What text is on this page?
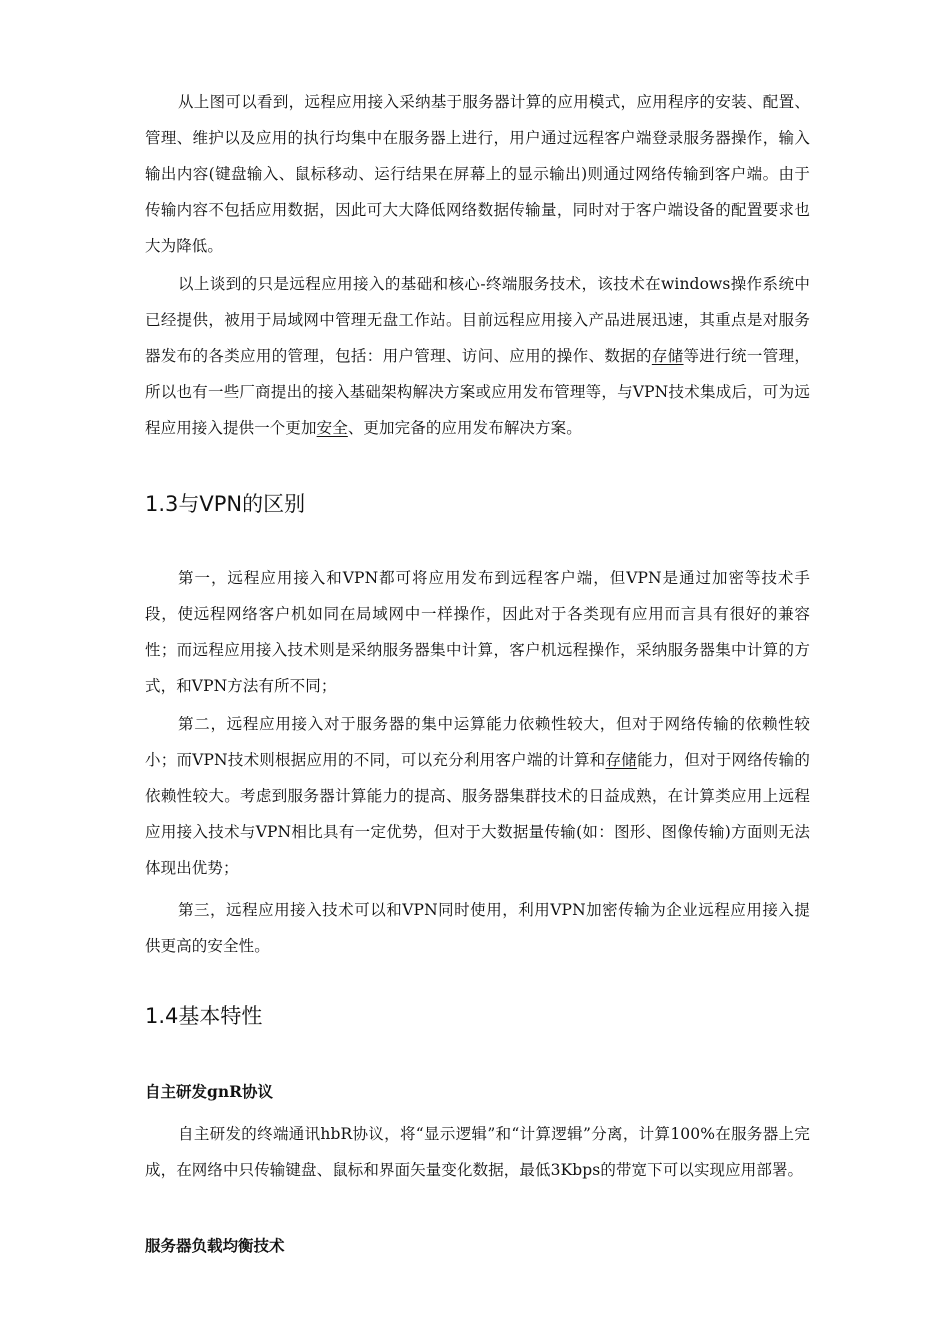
从上图可以看到，远程应用接入采纳基于服务器计算的应用模式，应用程序的安装、配置、管理、维护以及应用的执行均集中在服务器上进行，用户通过远程客户端登录服务器操作，输入输出内容(键盘输入、鼠标移动、运行结果在屏幕上的显示输出)则通过网络传输到客户端。由于传输内容不包括应用数据，因此可大大降低网络数据传输量，同时对于客户端设备的配置要求也大为降低。

以上谈到的只是远程应用接入的基础和核心-终端服务技术，该技术在windows操作系统中已经提供，被用于局域网中管理无盘工作站。目前远程应用接入产品进展迅速，其重点是对服务器发布的各类应用的管理，包括：用户管理、访问、应用的操作、数据的存储等进行统一管理，所以也有一些厂商提出的接入基础架构解决方案或应用发布管理等，与VPN技术集成后，可为远程应用接入提供一个更加安全、更加完备的应用发布解决方案。

1.3与VPN的区别

第一，远程应用接入和VPN都可将应用发布到远程客户端，但VPN是通过加密等技术手段，使远程网络客户机如同在局域网中一样操作，因此对于各类现有应用而言具有很好的兼容性；而远程应用接入技术则是采纳服务器集中计算，客户机远程操作，采纳服务器集中计算的方式，和VPN方法有所不同；

第二，远程应用接入对于服务器的集中运算能力依赖性较大，但对于网络传输的依赖性较小；而VPN技术则根据应用的不同，可以充分利用客户端的计算和存储能力，但对于网络传输的依赖性较大。考虑到服务器计算能力的提高、服务器集群技术的日益成熟，在计算类应用上远程应用接入技术与VPN相比具有一定优势，但对于大数据量传输(如：图形、图像传输)方面则无法体现出优势；

第三，远程应用接入技术可以和VPN同时使用，利用VPN加密传输为企业远程应用接入提供更高的安全性。

1.4基本特性
自主研发gnR协议

自主研发的终端通讯hbR协议，将“显示逻辑”和“计算逻辑”分离，计算100%在服务器上完成，在网络中只传输键盘、鼠标和界面矢量变化数据，最低3Kbps的带宽下可以实现应用部署。

服务器负载均衡技术
